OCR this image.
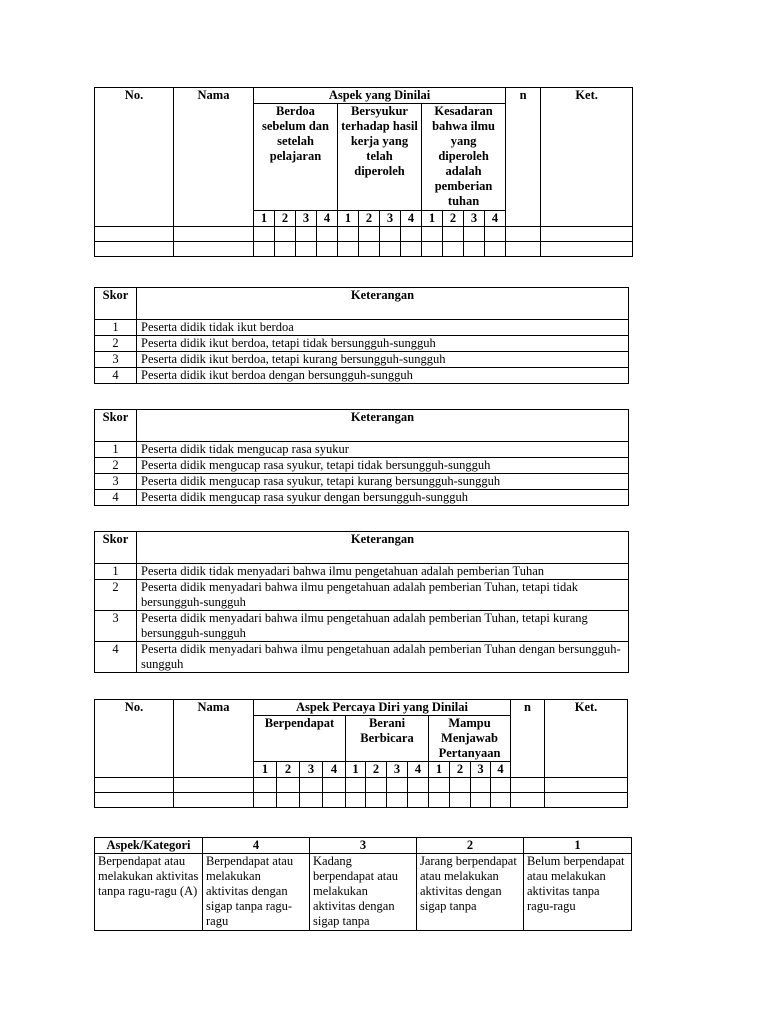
No.	Nama	Aspek yang Dinilai												n	Ket.
		Berdoa sebelum dan setelah pelajaran				Bersyukur terhadap hasil kerja yang telah diperoleh				Kesadaran bahwa ilmu yang diperoleh adalah pemberian tuhan					
		1	2	3	4	1	2	3	4	1	2	3	4		

Skor	Keterangan
1	Peserta didik tidak ikut berdoa
2	Peserta didik ikut berdoa, tetapi tidak bersungguh-sungguh
3	Peserta didik ikut berdoa, tetapi kurang bersungguh-sungguh
4	Peserta didik ikut berdoa dengan bersungguh-sungguh
Skor	Keterangan
1	Peserta didik tidak mengucap rasa syukur
2	Peserta didik mengucap rasa syukur, tetapi tidak bersungguh-sungguh
3	Peserta didik mengucap rasa syukur, tetapi kurang bersungguh-sungguh
4	Peserta didik mengucap rasa syukur dengan bersungguh-sungguh
Skor	Keterangan
1	Peserta didik tidak menyadari bahwa ilmu pengetahuan adalah pemberian Tuhan
2	Peserta didik menyadari bahwa ilmu pengetahuan adalah pemberian Tuhan, tetapi tidak bersungguh-sungguh
3	Peserta didik menyadari bahwa ilmu pengetahuan adalah pemberian Tuhan, tetapi kurang bersungguh-sungguh
4	Peserta didik menyadari bahwa ilmu pengetahuan adalah pemberian Tuhan dengan bersungguh-sungguh
No.	Nama	Aspek Percaya Diri yang Dinilai												n	Ket.
		Berpendapat				Berani Berbicara				Mampu Menjawab Pertanyaan					
		1	2	3	4	1	2	3	4	1	2	3	4		

Aspek/Kategori	4	3	2	1
Berpendapat atau melakukan aktivitas tanpa ragu-ragu (A)	Berpendapat atau melakukan aktivitas dengan sigap tanpa ragu-ragu	Kadang berpendapat atau melakukan aktivitas dengan sigap tanpa	Jarang berpendapat atau melakukan aktivitas dengan sigap tanpa	Belum berpendapat atau melakukan aktivitas tanpa ragu-ragu
